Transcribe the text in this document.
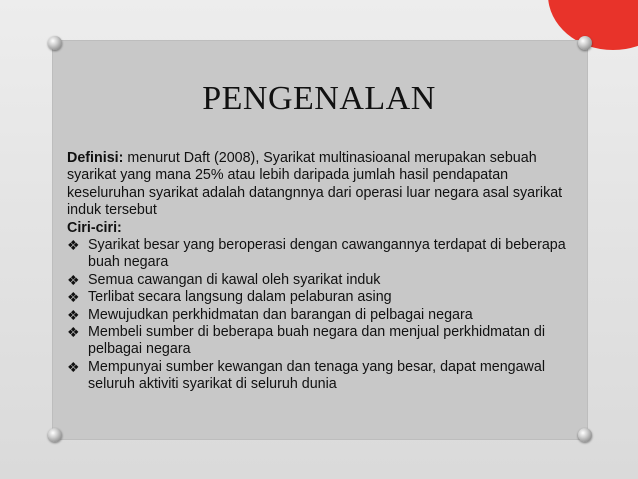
PENGENALAN
Definisi: menurut Daft (2008), Syarikat multinasioanal merupakan sebuah syarikat yang mana 25% atau lebih daripada jumlah hasil pendapatan keseluruhan syarikat adalah datangnnya dari operasi luar negara asal syarikat induk tersebut
Ciri-ciri:
❖ Syarikat besar yang beroperasi dengan cawangannya terdapat di beberapa buah negara
❖ Semua cawangan di kawal oleh syarikat induk
❖ Terlibat secara langsung dalam pelaburan asing
❖ Mewujudkan perkhidmatan dan barangan di pelbagai negara
❖ Membeli sumber di beberapa buah negara dan menjual perkhidmatan di pelbagai negara
❖ Mempunyai sumber kewangan dan tenaga yang besar, dapat mengawal seluruh aktiviti syarikat di seluruh dunia
